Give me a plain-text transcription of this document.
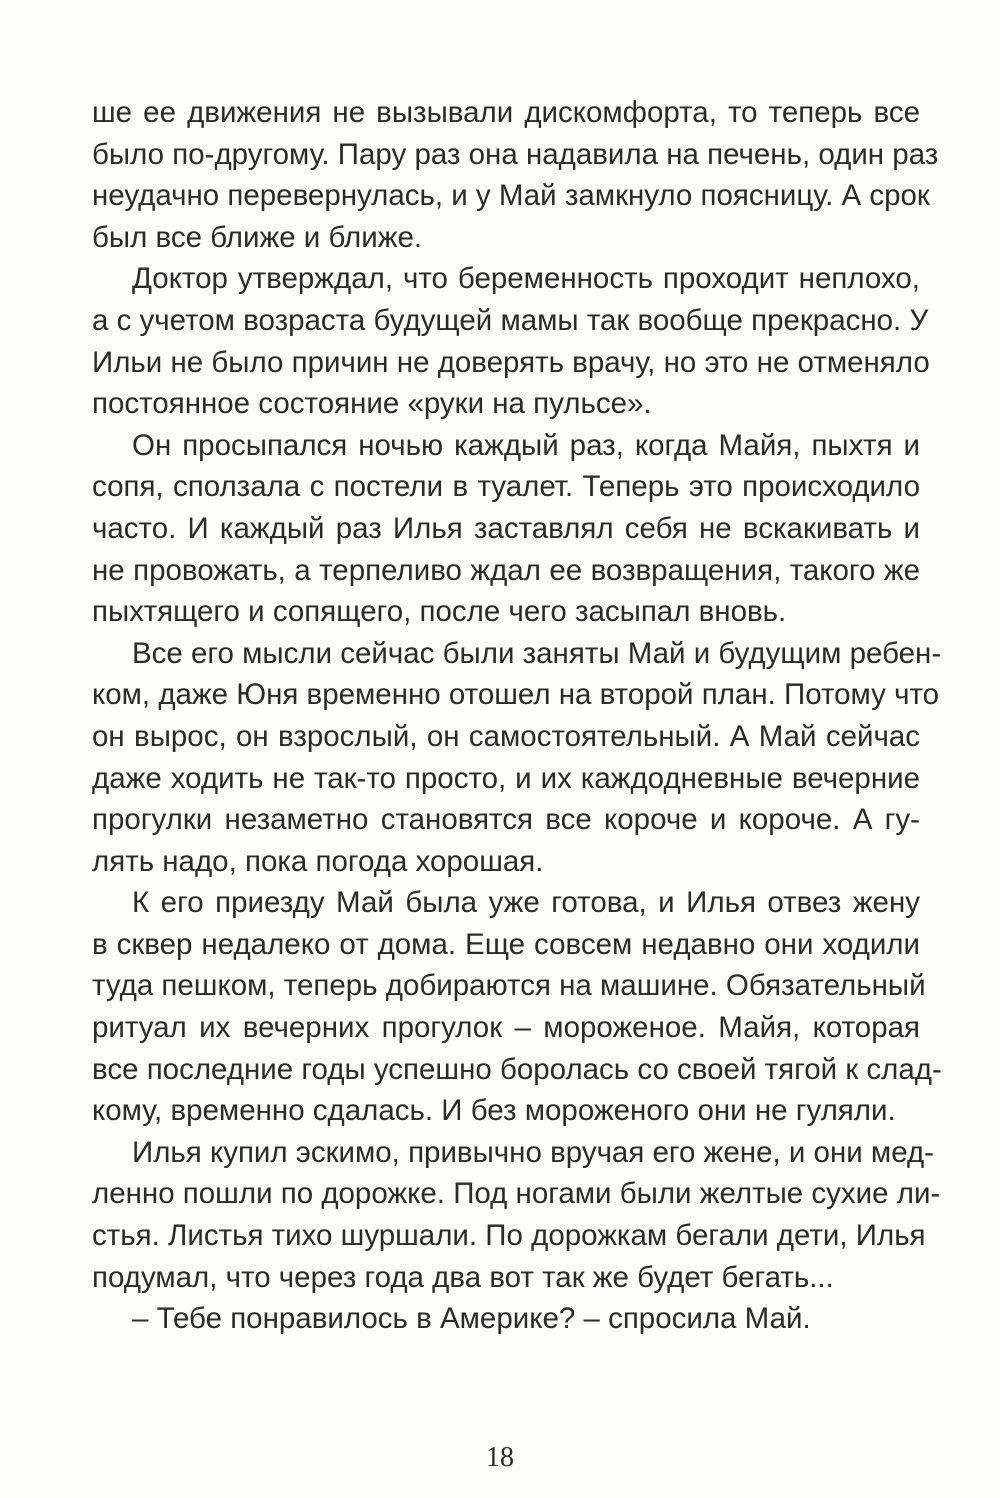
ше ее движения не вызывали дискомфорта, то теперь все
было по-другому. Пару раз она надавила на печень, один раз
неудачно перевернулась, и у Май замкнуло поясницу. А срок
был все ближе и ближе.
Доктор утверждал, что беременность проходит неплохо,
а с учетом возраста будущей мамы так вообще прекрасно. У
Ильи не было причин не доверять врачу, но это не отменяло
постоянное состояние «руки на пульсе».
Он просыпался ночью каждый раз, когда Майя, пыхтя и
сопя, сползала с постели в туалет. Теперь это происходило
часто. И каждый раз Илья заставлял себя не вскакивать и
не провожать, а терпеливо ждал ее возвращения, такого же
пыхтящего и сопящего, после чего засыпал вновь.
Все его мысли сейчас были заняты Май и будущим ребен-
ком, даже Юня временно отошел на второй план. Потому что
он вырос, он взрослый, он самостоятельный. А Май сейчас
даже ходить не так-то просто, и их каждодневные вечерние
прогулки незаметно становятся все короче и короче. А гу-
лять надо, пока погода хорошая.
К его приезду Май была уже готова, и Илья отвез жену
в сквер недалеко от дома. Еще совсем недавно они ходили
туда пешком, теперь добираются на машине. Обязательный
ритуал их вечерних прогулок – мороженое. Майя, которая
все последние годы успешно боролась со своей тягой к слад-
кому, временно сдалась. И без мороженого они не гуляли.
Илья купил эскимо, привычно вручая его жене, и они мед-
ленно пошли по дорожке. Под ногами были желтые сухие ли-
стья. Листья тихо шуршали. По дорожкам бегали дети, Илья
подумал, что через года два вот так же будет бегать...
– Тебе понравилось в Америке? – спросила Май.
18
